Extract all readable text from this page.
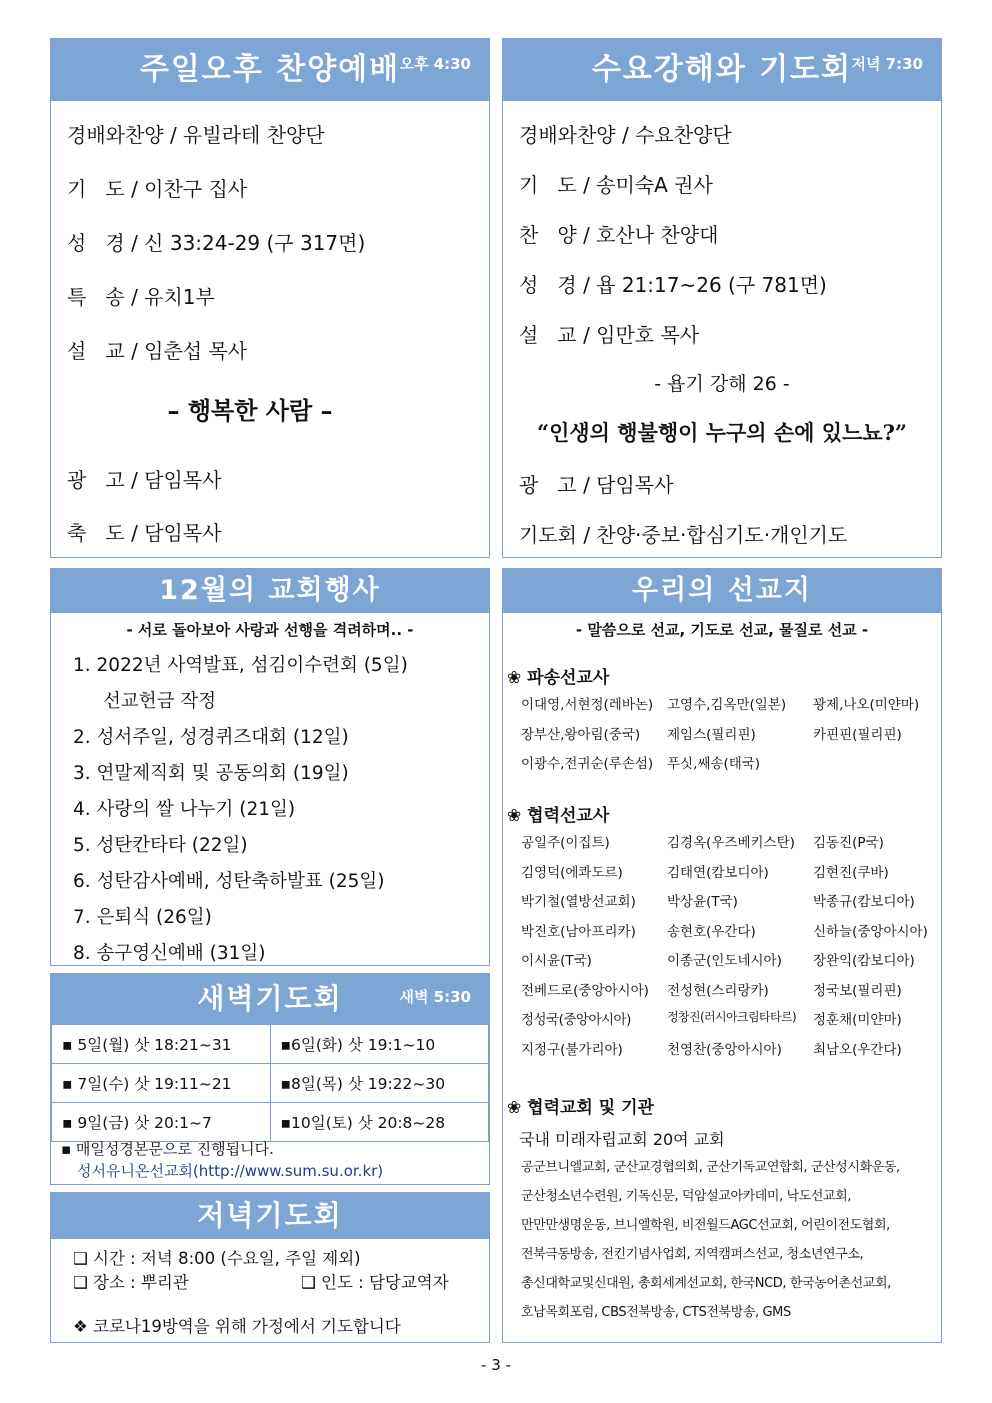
주일오후 찬양예배 오후 4:30
경배와찬양 / 유빌라테 찬양단
기   도 / 이찬구 집사
성   경 / 신 33:24-29 (구 317면)
특   송 / 유치1부
설   교 / 임춘섭 목사
– 행복한 사람 –
광   고 / 담임목사
축   도 / 담임목사
수요강해와 기도회 저녁 7:30
경배와찬양 / 수요찬양단
기   도 / 송미숙A 권사
찬   양 / 호산나 찬양대
성   경 / 욥 21:17~26 (구 781면)
설   교 / 임만호 목사
- 욥기 강해 26 -
“인생의 행불행이 누구의 손에 있느뇨?”
광   고 / 담임목사
기도회 / 찬양·중보·합심기도·개인기도
12월의 교회행사
- 서로 돌아보아 사랑과 선행을 격려하며.. -
1. 2022년 사역발표, 섬김이수련회 (5일)
선교헌금 작정
2. 성서주일, 성경퀴즈대회 (12일)
3. 연말제직회 및 공동의회 (19일)
4. 사랑의 쌀 나누기 (21일)
5. 성탄칸타타 (22일)
6. 성탄감사예배, 성탄축하발표 (25일)
7. 은퇴식 (26일)
8. 송구영신예배 (31일)
새벽기도회	새벽 5:30
▪ 5일(월) 삿 18:21~31	▪6일(화) 삿 19:1~10
▪ 7일(수) 삿 19:11~21	▪8일(목) 삿 19:22~30
▪ 9일(금) 삿 20:1~7	▪10일(토) 삿 20:8~28
▪ 매일성경본문으로 진행됩니다.
성서유니온선교회(http://www.sum.su.or.kr)
저녁기도회
❑ 시간 : 저녁 8:00 (수요일, 주일 제외)
❑ 장소 : 뿌리관	❑ 인도 : 담당교역자
❖ 코로나19방역을 위해 가정에서 기도합니다
우리의 선교지
- 말씀으로 선교, 기도로 선교, 물질로 선교 -
❀ 파송선교사
이대영,서현정(레바논)	고영수,김옥만(일본)	꽝제,나오(미얀마)
장부산,왕아림(중국)	제임스(필리핀)	카핀핀(필리핀)
이광수,전귀순(루손섬)	푸싯,쌔송(태국)
❀ 협력선교사
공일주(이집트)	김경옥(우즈베키스탄)	김동진(P국)
김영덕(에콰도르)	김태연(캄보디아)	김현진(쿠바)
박기철(열방선교회)	박상윤(T국)	박종규(캄보디아)
박진호(남아프리카)	송현호(우간다)	신하늘(중앙아시아)
이시윤(T국)	이종군(인도네시아)	장완익(캄보디아)
전베드로(중앙아시아)	전성현(스리랑카)	정국보(필리핀)
정성국(중앙아시아)	정창진(러시아크림타타르)	정훈채(미얀마)
지정구(불가리아)	천영찬(중앙아시아)	최남오(우간다)
❀ 협력교회 및 기관
국내 미래자립교회 20여 교회
공군브니엘교회, 군산교경협의회, 군산기독교연합회, 군산성시화운동,
군산청소년수련원, 기독신문, 덕암설교아카데미, 낙도선교회,
만만만생명운동, 브니엘학원, 비전월드AGC선교회, 어린이전도협회,
전북극동방송, 전킨기념사업회, 지역캠퍼스선교, 청소년연구소,
총신대학교및신대원, 총회세계선교회, 한국NCD, 한국농어촌선교회,
호남목회포럼, CBS전북방송, CTS전북방송, GMS
- 3 -
